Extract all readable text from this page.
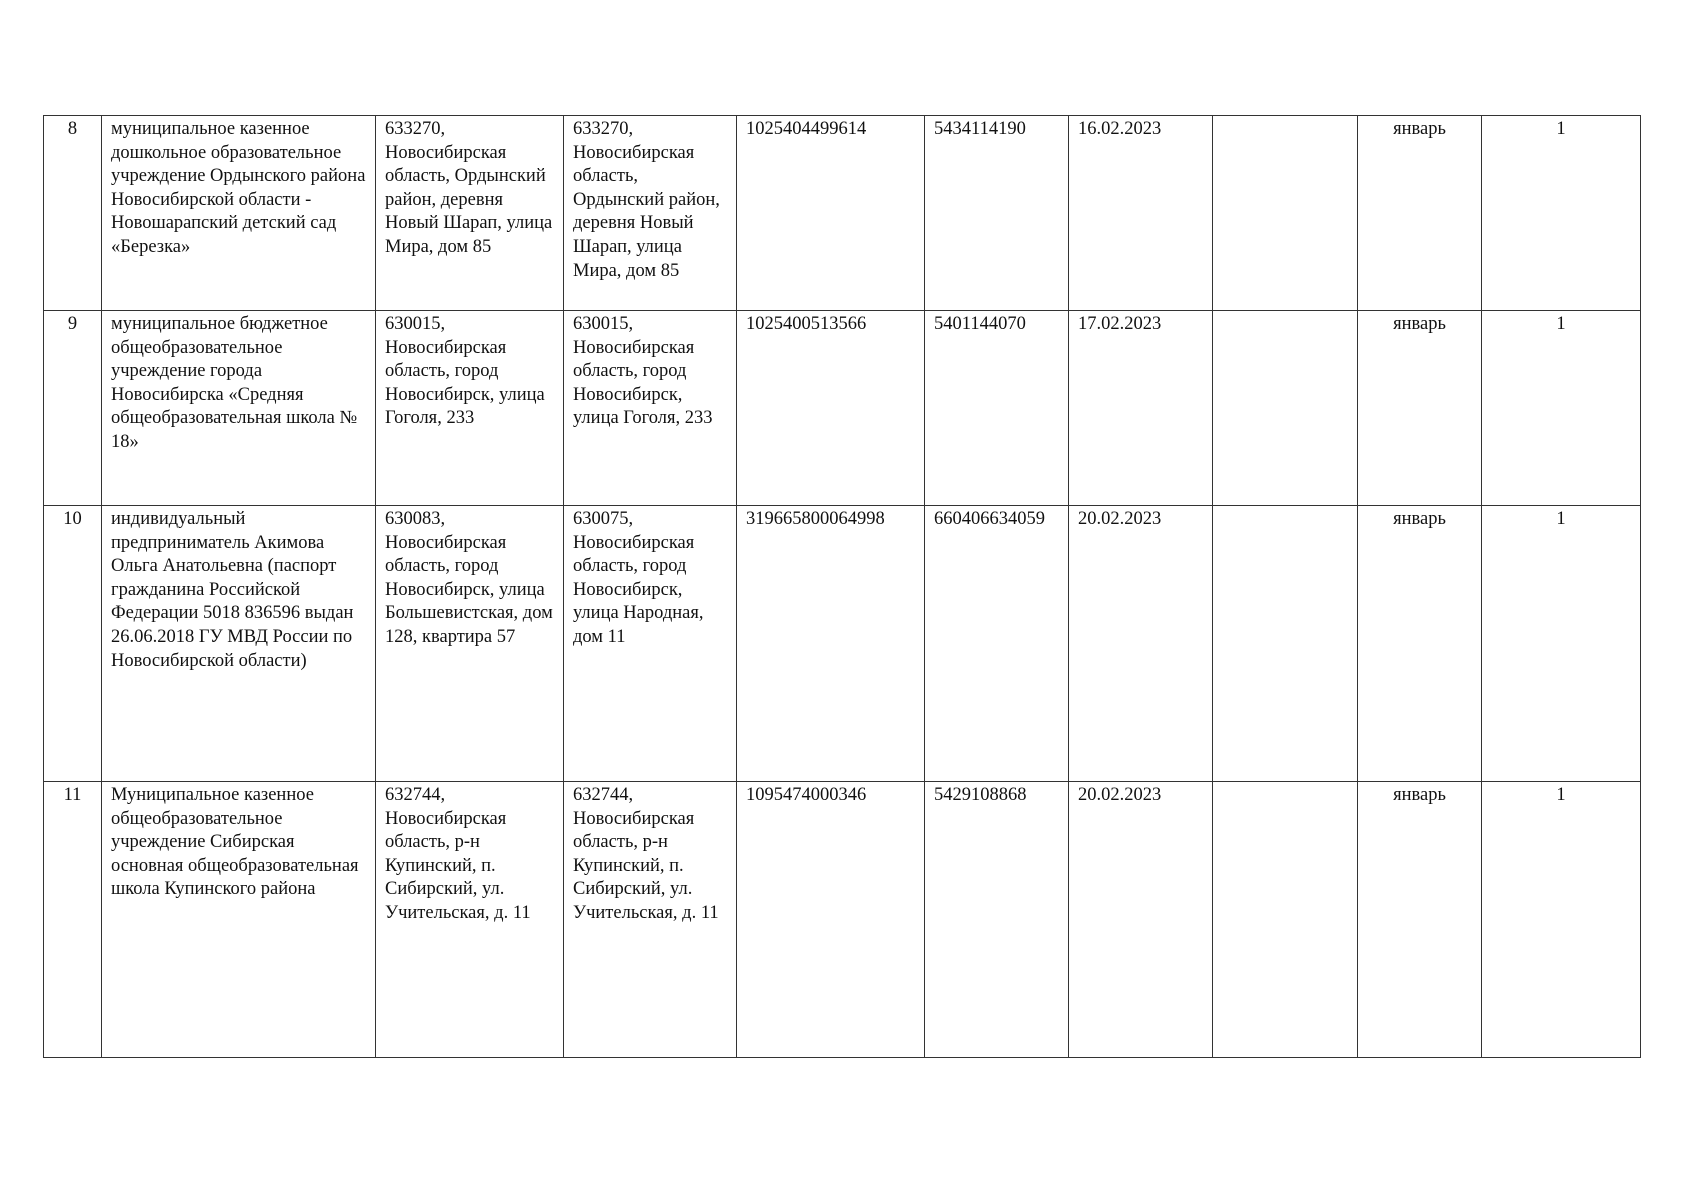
8	муниципальное казенное дошкольное образовательное учреждение Ордынского района Новосибирской области - Новошарапский детский сад «Березка»	633270, Новосибирская область, Ордынский район, деревня Новый Шарап, улица Мира, дом 85	633270, Новосибирская область, Ордынский район, деревня Новый Шарап, улица Мира, дом 85	1025404499614	5434114190	16.02.2023		январь	1
9	муниципальное бюджетное общеобразовательное учреждение города Новосибирска «Средняя общеобразовательная школа № 18»	630015, Новосибирская область, город Новосибирск, улица Гоголя, 233	630015, Новосибирская область, город Новосибирск, улица Гоголя, 233	1025400513566	5401144070	17.02.2023		январь	1
10	индивидуальный предприниматель Акимова Ольга Анатольевна (паспорт гражданина Российской Федерации 5018 836596 выдан 26.06.2018 ГУ МВД России по Новосибирской области)	630083, Новосибирская область, город Новосибирск, улица Большевистская, дом 128, квартира 57	630075, Новосибирская область, город Новосибирск, улица Народная, дом 11	319665800064998	660406634059	20.02.2023		январь	1
11	Муниципальное казенное общеобразовательное учреждение Сибирская основная общеобразовательная школа Купинского района	632744, Новосибирская область, р-н Купинский, п. Сибирский, ул. Учительская, д. 11	632744, Новосибирская область, р-н Купинский, п. Сибирский, ул. Учительская, д. 11	1095474000346	5429108868	20.02.2023		январь	1
